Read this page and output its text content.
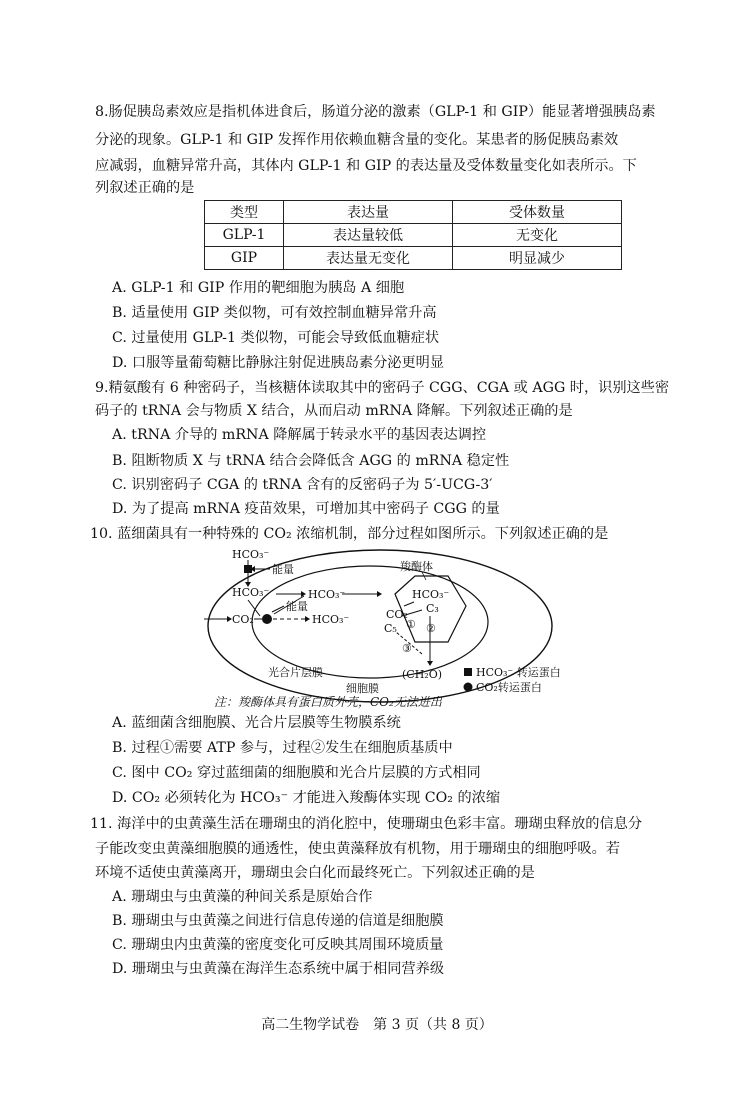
8.肠促胰岛素效应是指机体进食后，肠道分泌的激素（GLP-1 和 GIP）能显著增强胰岛素
分泌的现象。GLP-1 和 GIP 发挥作用依赖血糖含量的变化。某患者的肠促胰岛素效
应减弱，血糖异常升高，其体内 GLP-1 和 GIP 的表达量及受体数量变化如表所示。下
列叙述正确的是
类型	表达量	受体数量
GLP-1	表达量较低	无变化
GIP	表达量无变化	明显减少
A. GLP-1 和 GIP 作用的靶细胞为胰岛 A 细胞
B. 适量使用 GIP 类似物，可有效控制血糖异常升高
C. 过量使用 GLP-1 类似物，可能会导致低血糖症状
D. 口服等量葡萄糖比静脉注射促进胰岛素分泌更明显
9.精氨酸有 6 种密码子，当核糖体读取其中的密码子 CGG、CGA 或 AGG 时，识别这些密
码子的 tRNA 会与物质 X 结合，从而启动 mRNA 降解。下列叙述正确的是
A. tRNA 介导的 mRNA 降解属于转录水平的基因表达调控
B. 阻断物质 X 与 tRNA 结合会降低含 AGG 的 mRNA 稳定性
C. 识别密码子 CGA 的 tRNA 含有的反密码子为 5′-UCG-3′
D. 为了提高 mRNA 疫苗效果，可增加其中密码子 CGG 的量
10. 蓝细菌具有一种特殊的 CO₂ 浓缩机制，部分过程如图所示。下列叙述正确的是
HCO₃⁻
能量
HCO₃⁻
CO₂
HCO₃⁻
能量
HCO₃⁻
羧酶体
HCO₃⁻
CO₂ C₃
C₅ ① ②
③
(CH₂O)
光合片层膜
细胞膜
HCO₃⁻ 转运蛋白
CO₂转运蛋白
注：羧酶体具有蛋白质外壳，CO₂无法进出
A. 蓝细菌含细胞膜、光合片层膜等生物膜系统
B. 过程①需要 ATP 参与，过程②发生在细胞质基质中
C. 图中 CO₂ 穿过蓝细菌的细胞膜和光合片层膜的方式相同
D. CO₂ 必须转化为 HCO₃⁻ 才能进入羧酶体实现 CO₂ 的浓缩
11. 海洋中的虫黄藻生活在珊瑚虫的消化腔中，使珊瑚虫色彩丰富。珊瑚虫释放的信息分
子能改变虫黄藻细胞膜的通透性，使虫黄藻释放有机物，用于珊瑚虫的细胞呼吸。若
环境不适使虫黄藻离开，珊瑚虫会白化而最终死亡。下列叙述正确的是
A. 珊瑚虫与虫黄藻的种间关系是原始合作
B. 珊瑚虫与虫黄藻之间进行信息传递的信道是细胞膜
C. 珊瑚虫内虫黄藻的密度变化可反映其周围环境质量
D. 珊瑚虫与虫黄藻在海洋生态系统中属于相同营养级
高二生物学试卷　第 3 页（共 8 页）
